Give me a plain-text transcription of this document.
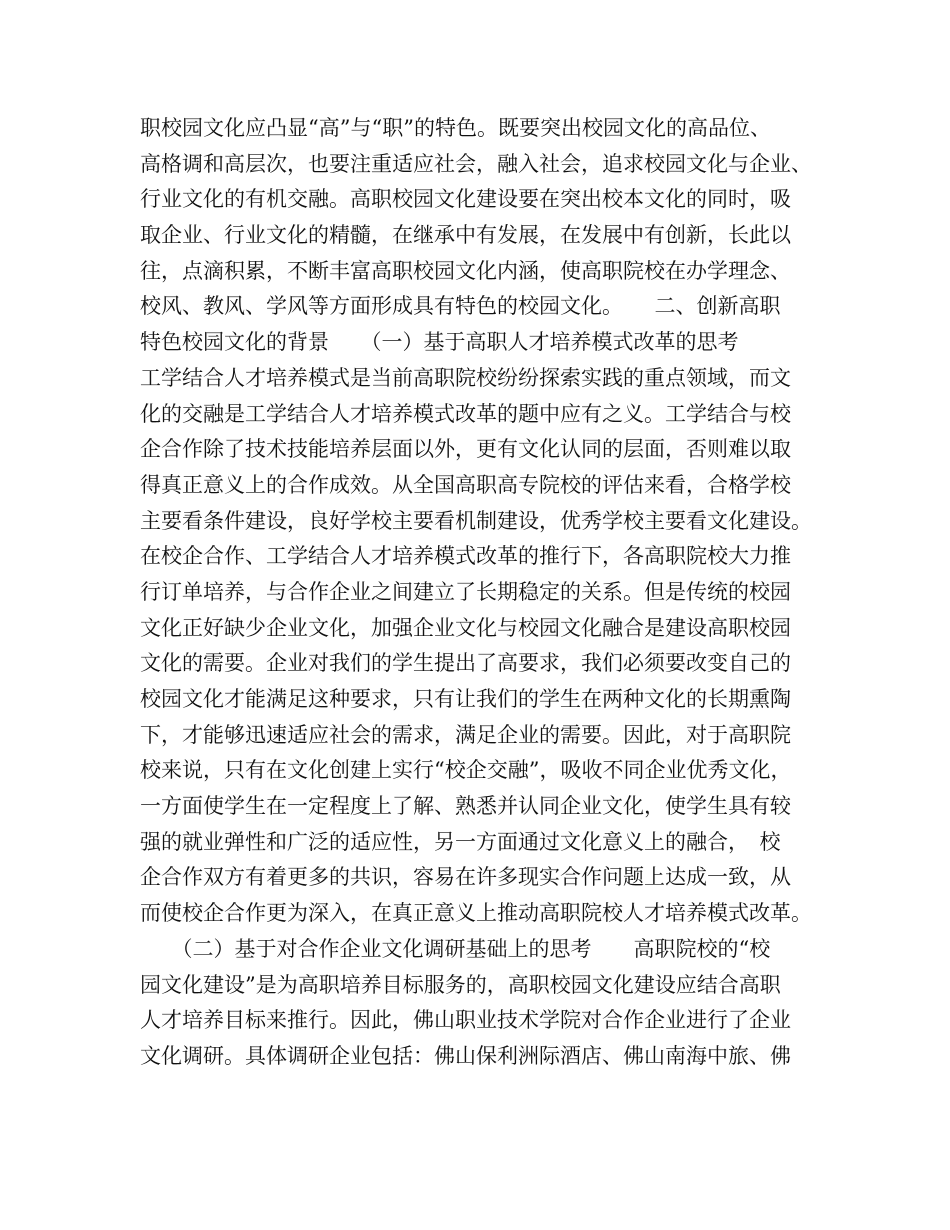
职校园文化应凸显“高”与“职”的特色。既要突出校园文化的高品位、
高格调和高层次，也要注重适应社会，融入社会，追求校园文化与企业、
行业文化的有机交融。高职校园文化建设要在突出校本文化的同时，吸
取企业、行业文化的精髓，在继承中有发展，在发展中有创新，长此以
往，点滴积累，不断丰富高职校园文化内涵，使高职院校在办学理念、
校风、教风、学风等方面形成具有特色的校园文化。　　二、创新高职
特色校园文化的背景　　（一）基于高职人才培养模式改革的思考
工学结合人才培养模式是当前高职院校纷纷探索实践的重点领域，而文
化的交融是工学结合人才培养模式改革的题中应有之义。工学结合与校
企合作除了技术技能培养层面以外，更有文化认同的层面，否则难以取
得真正意义上的合作成效。从全国高职高专院校的评估来看，合格学校
主要看条件建设，良好学校主要看机制建设，优秀学校主要看文化建设。
在校企合作、工学结合人才培养模式改革的推行下，各高职院校大力推
行订单培养，与合作企业之间建立了长期稳定的关系。但是传统的校园
文化正好缺少企业文化，加强企业文化与校园文化融合是建设高职校园
文化的需要。企业对我们的学生提出了高要求，我们必须要改变自己的
校园文化才能满足这种要求，只有让我们的学生在两种文化的长期熏陶
下，才能够迅速适应社会的需求，满足企业的需要。因此，对于高职院
校来说，只有在文化创建上实行“校企交融”，吸收不同企业优秀文化，
一方面使学生在一定程度上了解、熟悉并认同企业文化，使学生具有较
强的就业弹性和广泛的适应性，另一方面通过文化意义上的融合，　校
企合作双方有着更多的共识，容易在许多现实合作问题上达成一致，从
而使校企合作更为深入，在真正意义上推动高职院校人才培养模式改革。
　　（二）基于对合作企业文化调研基础上的思考　　高职院校的“校
园文化建设”是为高职培养目标服务的，高职校园文化建设应结合高职
人才培养目标来推行。因此，佛山职业技术学院对合作企业进行了企业
文化调研。具体调研企业包括：佛山保利洲际酒店、佛山南海中旅、佛
